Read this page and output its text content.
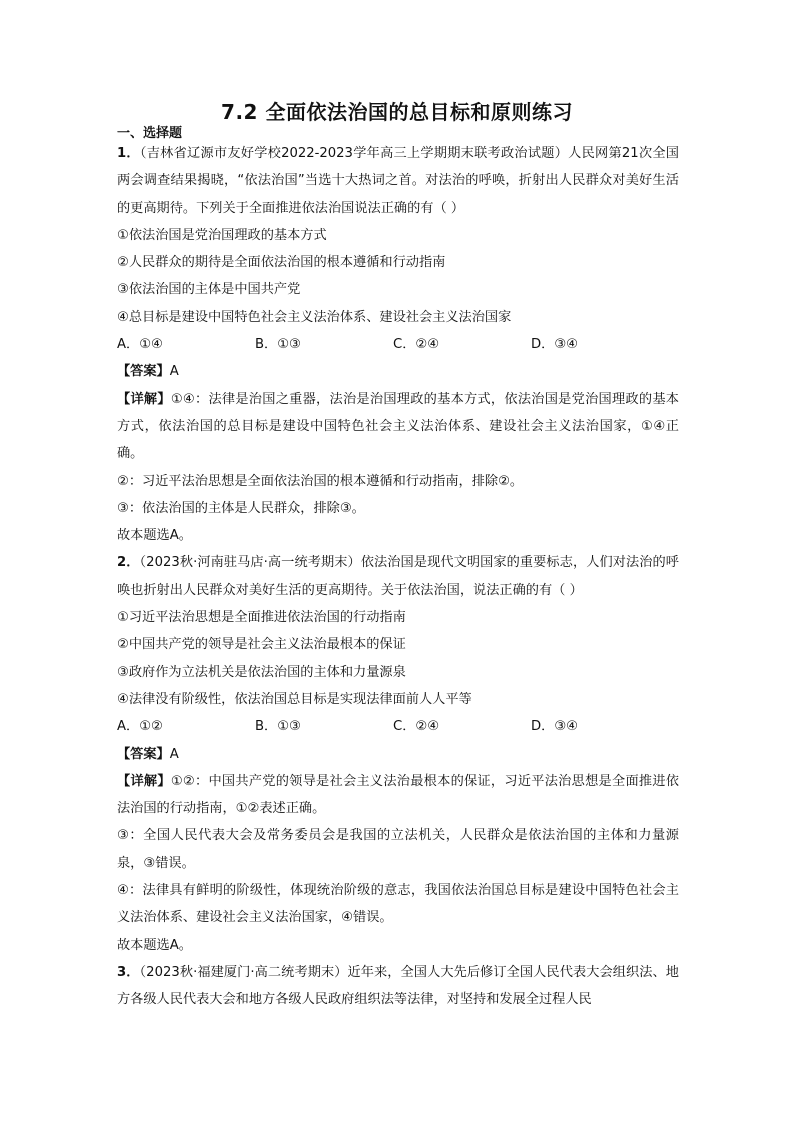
7.2 全面依法治国的总目标和原则练习

一、选择题

1．（吉林省辽源市友好学校2022-2023学年高三上学期期末联考政治试题）人民网第21次全国两会调查结果揭晓，“依法治国”当选十大热词之首。对法治的呼唤，折射出人民群众对美好生活的更高期待。下列关于全面推进依法治国说法正确的有（ ）

①依法治国是党治国理政的基本方式

②人民群众的期待是全面依法治国的根本遵循和行动指南

③依法治国的主体是中国共产党

④总目标是建设中国特色社会主义法治体系、建设社会主义法治国家

A．①④	B．①③	C．②④	D．③④

【答案】A

【详解】①④：法律是治国之重器，法治是治国理政的基本方式，依法治国是党治国理政的基本方式，依法治国的总目标是建设中国特色社会主义法治体系、建设社会主义法治国家，①④正确。

②：习近平法治思想是全面依法治国的根本遵循和行动指南，排除②。

③：依法治国的主体是人民群众，排除③。

故本题选A。

2．（2023秋·河南驻马店·高一统考期末）依法治国是现代文明国家的重要标志，人们对法治的呼唤也折射出人民群众对美好生活的更高期待。关于依法治国，说法正确的有（ ）

①习近平法治思想是全面推进依法治国的行动指南

②中国共产党的领导是社会主义法治最根本的保证

③政府作为立法机关是依法治国的主体和力量源泉

④法律没有阶级性，依法治国总目标是实现法律面前人人平等

A．①②	B．①③	C．②④	D．③④

【答案】A

【详解】①②：中国共产党的领导是社会主义法治最根本的保证，习近平法治思想是全面推进依法治国的行动指南，①②表述正确。

③：全国人民代表大会及常务委员会是我国的立法机关，人民群众是依法治国的主体和力量源泉，③错误。

④：法律具有鲜明的阶级性，体现统治阶级的意志，我国依法治国总目标是建设中国特色社会主义法治体系、建设社会主义法治国家，④错误。

故本题选A。

3．（2023秋·福建厦门·高二统考期末）近年来，全国人大先后修订全国人民代表大会组织法、地方各级人民代表大会和地方各级人民政府组织法等法律，对坚持和发展全过程人民
